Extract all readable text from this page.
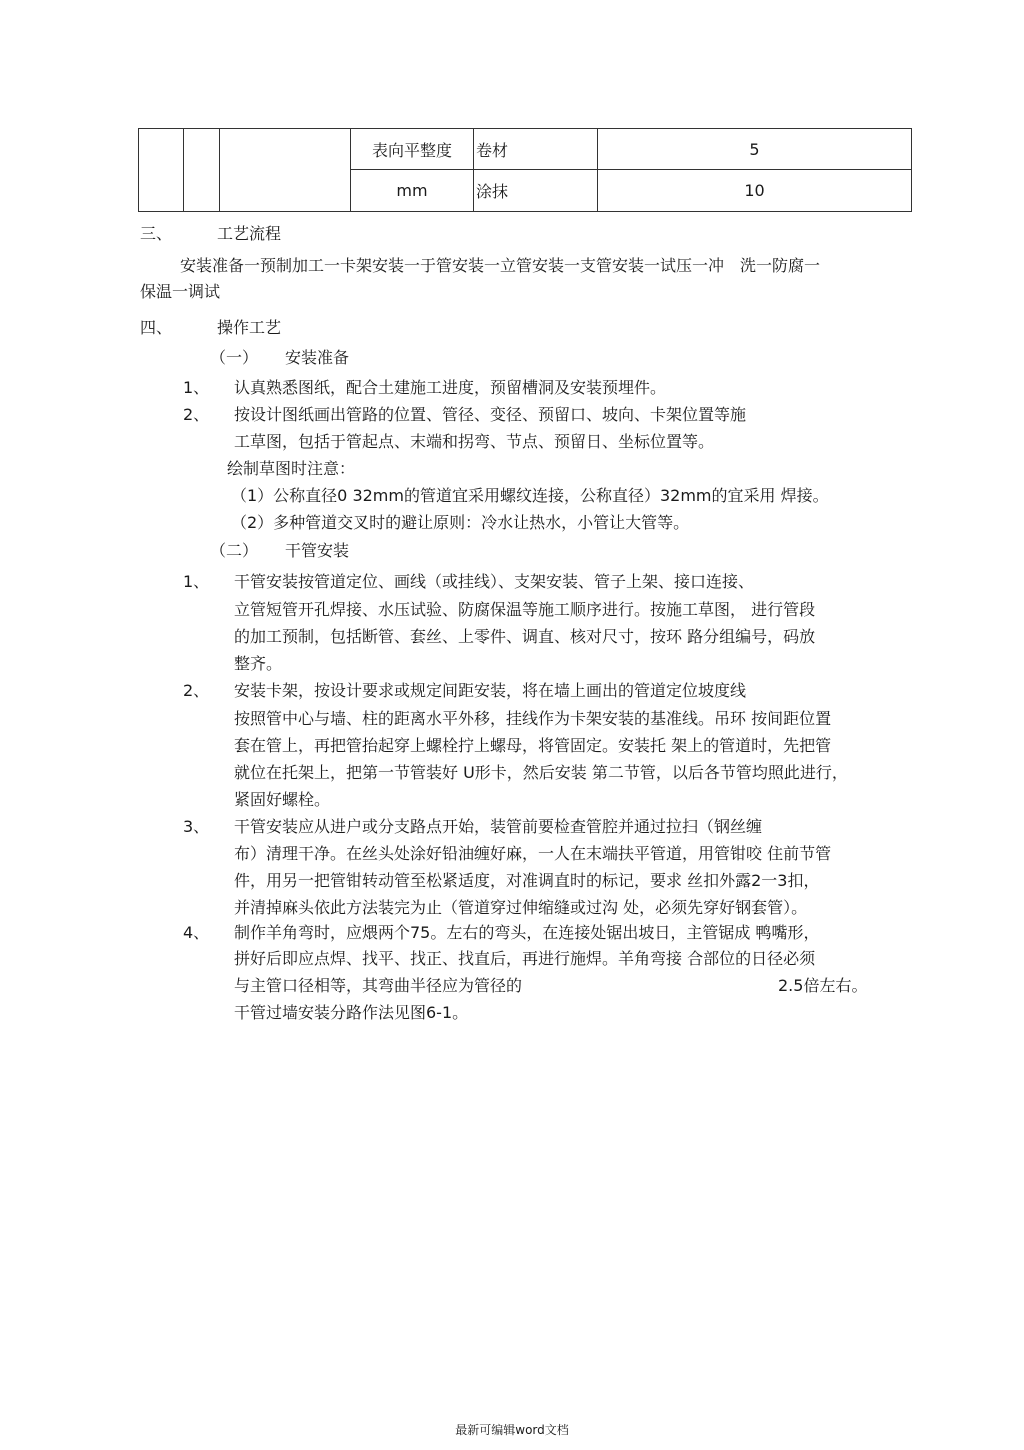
			表向平整度	卷材	5
			mm	涂抹	10
三、	工艺流程
安装准备一预制加工一卡架安装一于管安装一立管安装一支管安装一试压一冲　洗一防腐一
保温一调试
四、	操作工艺
（一） 安装准备
1、 认真熟悉图纸，配合土建施工进度，预留槽洞及安装预埋件。
2、 按设计图纸画出管路的位置、管径、变径、预留口、坡向、卡架位置等施
工草图，包括于管起点、末端和拐弯、节点、预留日、坐标位置等。
绘制草图时注意：
（1）公称直径0 32mm的管道宜采用螺纹连接，公称直径）32mm的宜采用 焊接。
（2）多种管道交叉时的避让原则：冷水让热水，小管让大管等。
（二） 干管安装
1、 干管安装按管道定位、画线（或挂线）、支架安装、管子上架、接口连接、
立管短管开孔焊接、水压试验、防腐保温等施工顺序进行。按施工草图， 进行管段
的加工预制，包括断管、套丝、上零件、调直、核对尺寸，按环 路分组编号，码放
整齐。
2、 安装卡架，按设计要求或规定间距安装，将在墙上画出的管道定位坡度线
按照管中心与墙、柱的距离水平外移，挂线作为卡架安装的基准线。吊环 按间距位置
套在管上，再把管抬起穿上螺栓拧上螺母，将管固定。安装托 架上的管道时，先把管
就位在托架上，把第一节管装好 U形卡，然后安装 第二节管，以后各节管均照此进行，
紧固好螺栓。
3、 干管安装应从进户或分支路点开始，装管前要检查管腔并通过拉扫（钢丝缠
布）清理干净。在丝头处涂好铅油缠好麻，一人在末端扶平管道，用管钳咬 住前节管
件，用另一把管钳转动管至松紧适度，对准调直时的标记，要求 丝扣外露2一3扣，
并清掉麻头依此方法装完为止（管道穿过伸缩缝或过沟 处，必须先穿好钢套管）。
4、 制作羊角弯时，应煨两个75。左右的弯头，在连接处锯出坡日，主管锯成 鸭嘴形，
拼好后即应点焊、找平、找正、找直后，再进行施焊。羊角弯接 合部位的日径必须
与主管口径相等，其弯曲半径应为管径的	2.5倍左右。
干管过墙安装分路作法见图6-1。
最新可编辑word文档
